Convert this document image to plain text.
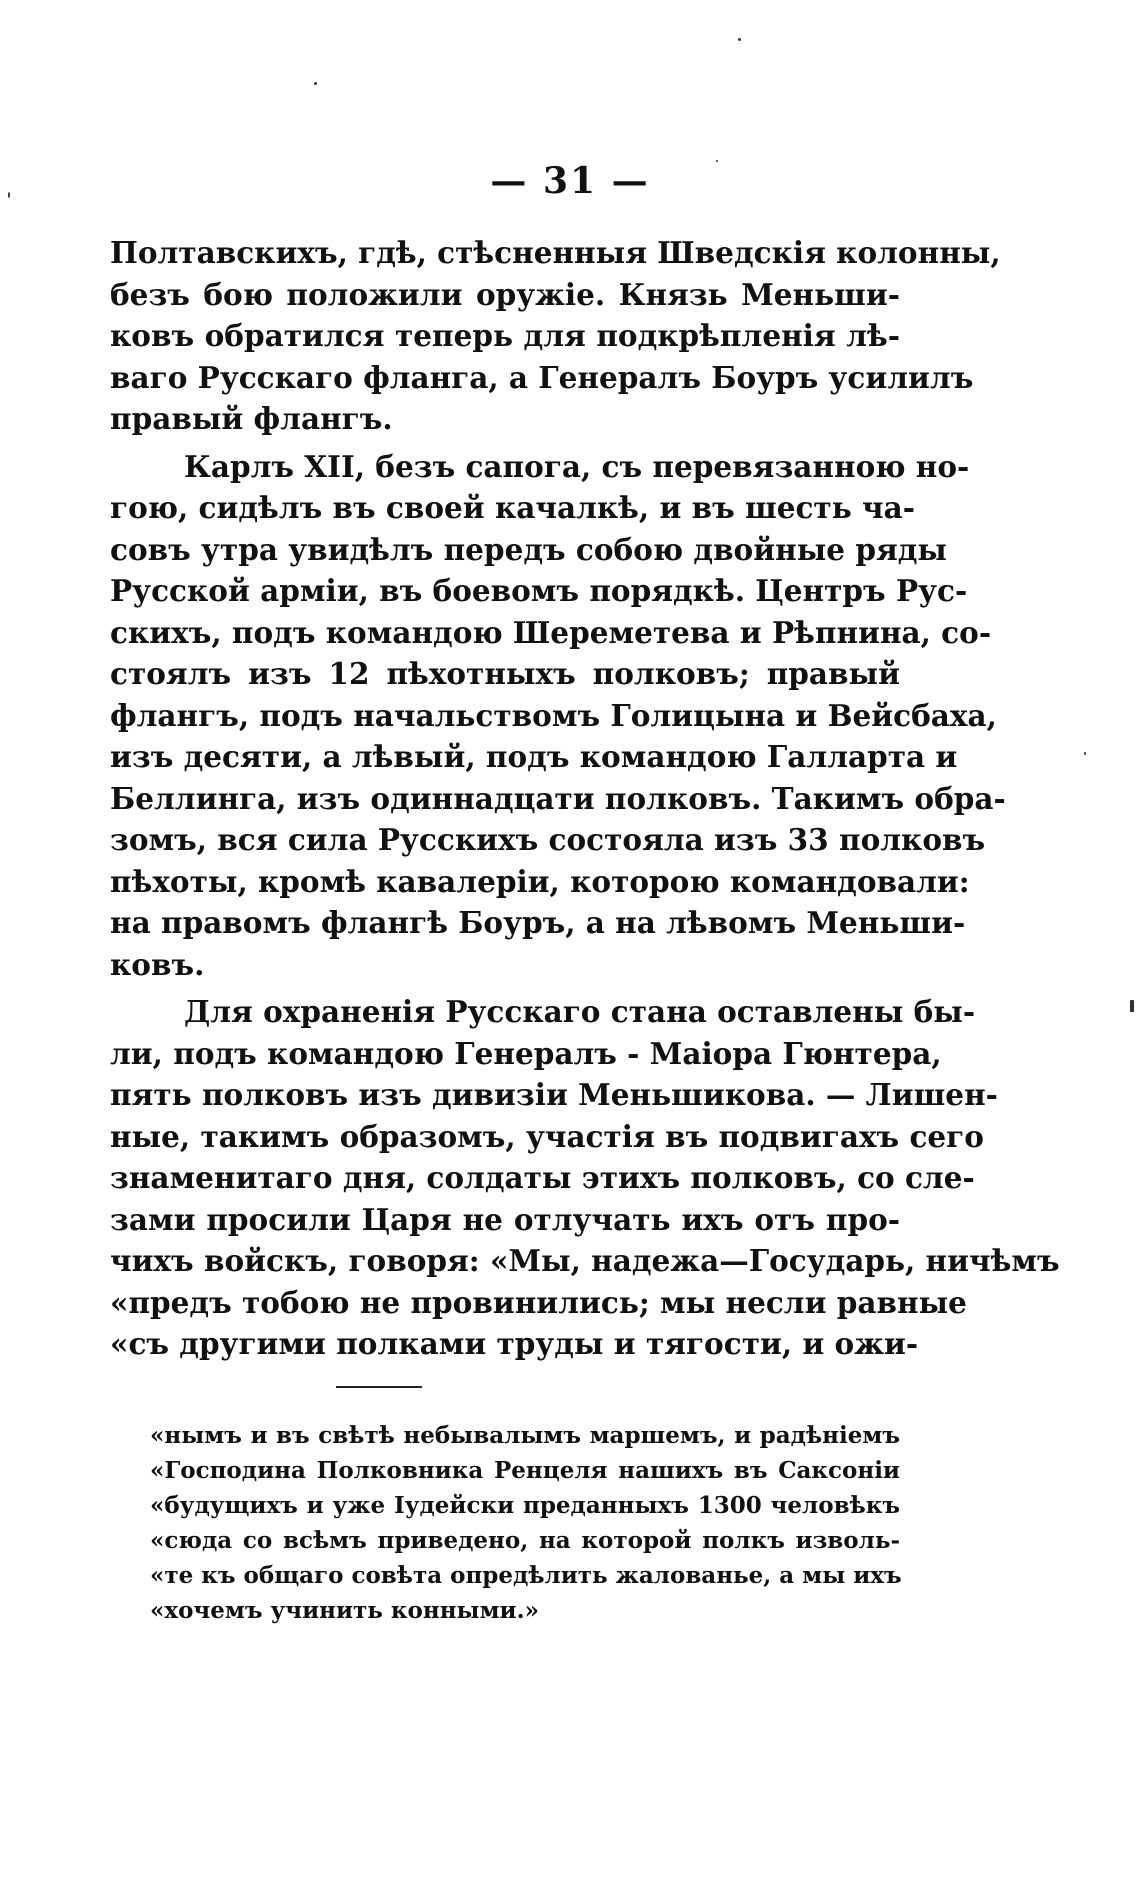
— 31 —
Полтавскихъ, гдѣ, стѣсненныя Шведскія колонны,
безъ бою положили оружіе. Князь Меньши-
ковъ обратился теперь для подкрѣпленія лѣ-
ваго Русскаго фланга, а Генералъ Боуръ усилилъ
правый флангъ.
Карлъ XII, безъ сапога, съ перевязанною но-
гою, сидѣлъ въ своей качалкѣ, и въ шесть ча-
совъ утра увидѣлъ передъ собою двойные ряды
Русской арміи, въ боевомъ порядкѣ. Центръ Рус-
скихъ, подъ командою Шереметева и Рѣпнина, со-
стоялъ изъ 12 пѣхотныхъ полковъ; правый
флангъ, подъ начальствомъ Голицына и Вейсбаха,
изъ десяти, а лѣвый, подъ командою Галларта и
Беллинга, изъ одиннадцати полковъ. Такимъ обра-
зомъ, вся сила Русскихъ состояла изъ 33 полковъ
пѣхоты, кромѣ кавалеріи, которою командовали:
на правомъ флангѣ Боуръ, а на лѣвомъ Меньши-
ковъ.
Для охраненія Русскаго стана оставлены бы-
ли, подъ командою Генералъ - Маіора Гюнтера,
пять полковъ изъ дивизіи Меньшикова. — Лишен-
ные, такимъ образомъ, участія въ подвигахъ сего
знаменитаго дня, солдаты этихъ полковъ, со сле-
зами просили Царя не отлучать ихъ отъ про-
чихъ войскъ, говоря: «Мы, надежа—Государь, ничѣмъ
«предъ тобою не провинились; мы несли равные
«съ другими полками труды и тягости, и ожи-
«нымъ и въ свѣтѣ небывалымъ маршемъ, и радѣніемъ
«Господина Полковника Ренцеля нашихъ въ Саксоніи
«будущихъ и уже Іудейски преданныхъ 1300 человѣкъ
«сюда со всѣмъ приведено, на которой полкъ изволь-
«те къ общаго совѣта опредѣлить жалованье, а мы ихъ
«хочемъ учинить конными.»
